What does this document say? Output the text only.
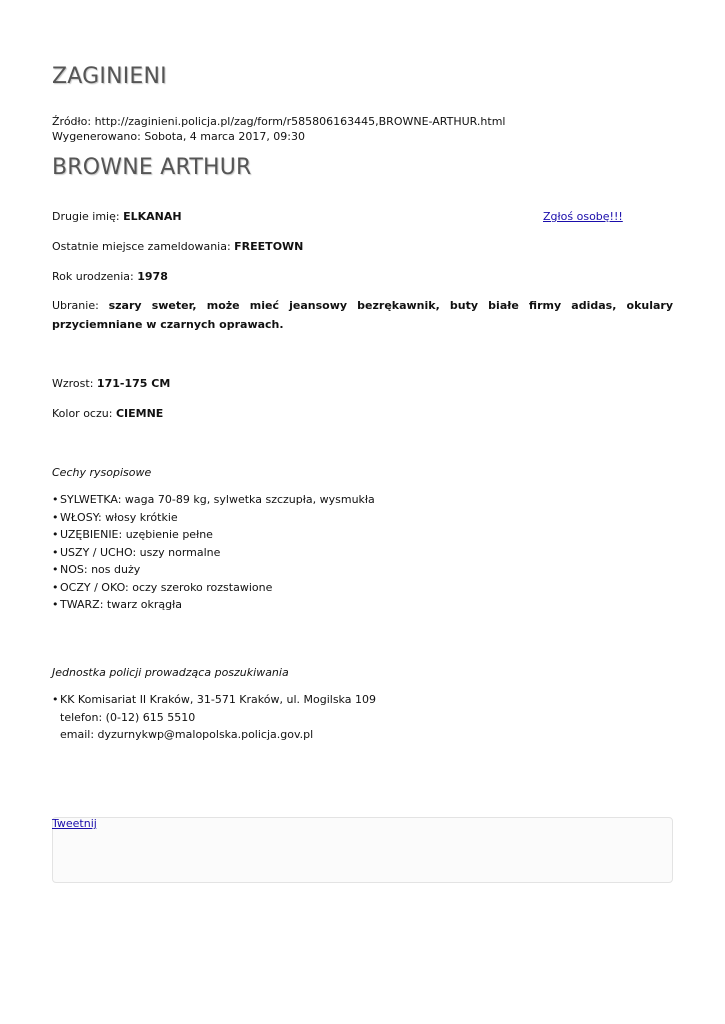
ZAGINIENI
Źródło: http://zaginieni.policja.pl/zag/form/r585806163445,BROWNE-ARTHUR.html
Wygenerowano: Sobota, 4 marca 2017, 09:30
BROWNE ARTHUR
Drugie imię: ELKANAH	Zgłoś osobę!!!
Ostatnie miejsce zameldowania: FREETOWN
Rok urodzenia: 1978
Ubranie: szary sweter, może mieć jeansowy bezrękawnik, buty białe firmy adidas, okulary przyciemniane w czarnych oprawach.
Wzrost: 171-175 CM
Kolor oczu: CIEMNE
Cechy rysopisowe
• SYLWETKA: waga 70-89 kg, sylwetka szczupła, wysmukła
• WŁOSY: włosy krótkie
• UZĘBIENIE: uzębienie pełne
• USZY / UCHO: uszy normalne
• NOS: nos duży
• OCZY / OKO: oczy szeroko rozstawione
• TWARZ: twarz okrągła
Jednostka policji prowadząca poszukiwania
• KK Komisariat II Kraków, 31-571 Kraków, ul. Mogilska 109
telefon: (0-12) 615 5510
email: dyzurnykwp@malopolska.policja.gov.pl
Tweetnij
